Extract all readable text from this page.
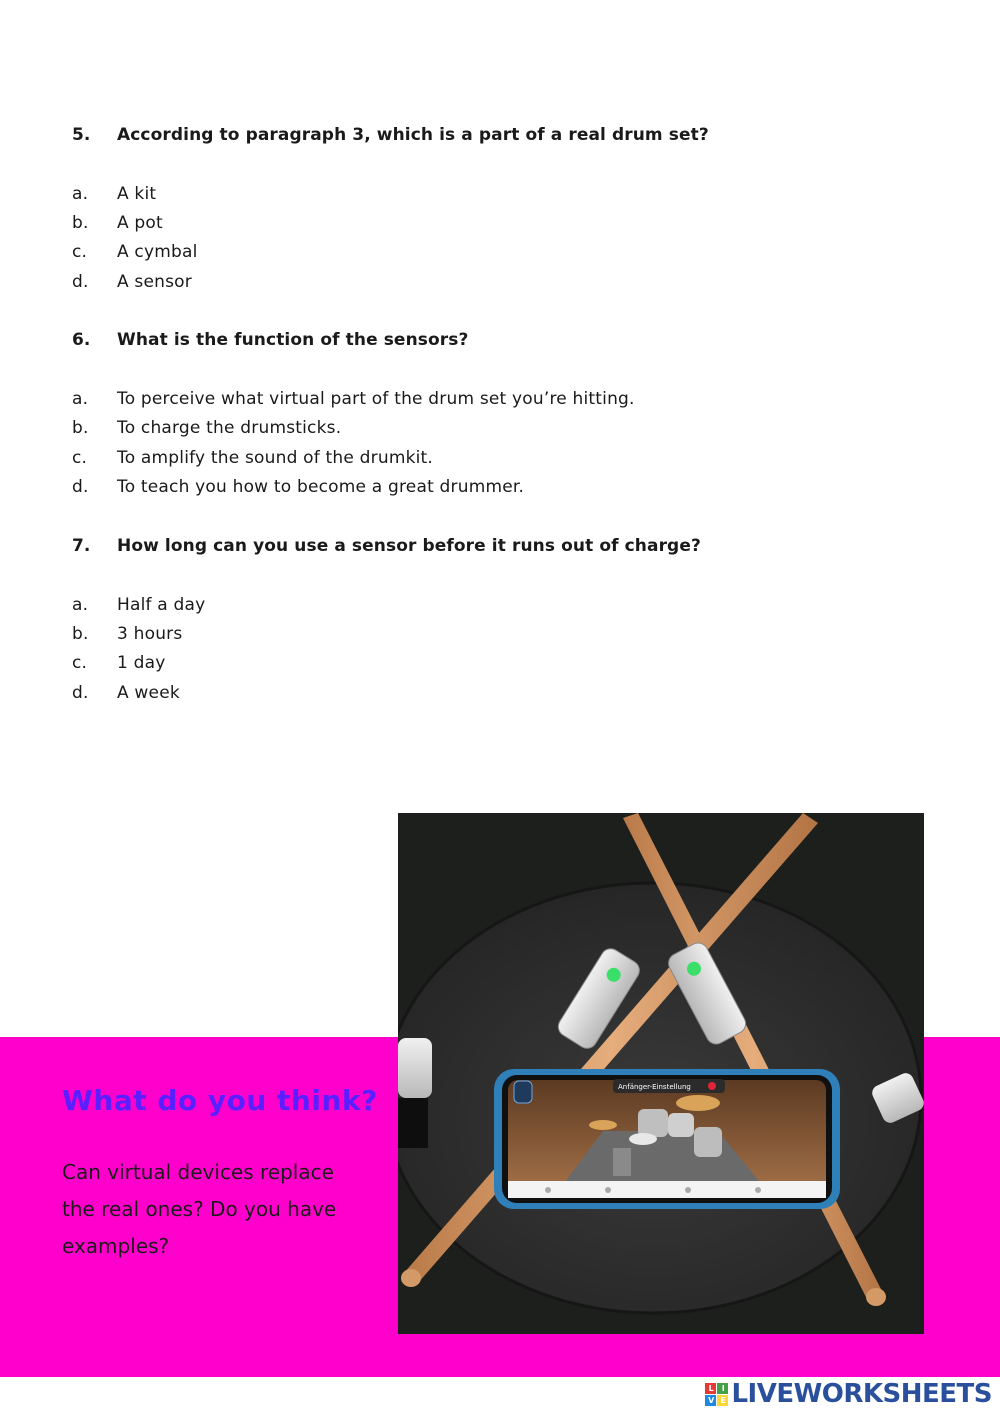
5. According to paragraph 3, which is a part of a real drum set?
a. A kit
b. A pot
c. A cymbal
d. A sensor
6. What is the function of the sensors?
a. To perceive what virtual part of the drum set you’re hitting.
b. To charge the drumsticks.
c. To amplify the sound of the drumkit.
d. To teach you how to become a great drummer.
7. How long can you use a sensor before it runs out of charge?
a. Half a day
b. 3 hours
c. 1 day
d. A week
What do you think?
Can virtual devices replace the real ones? Do you have examples?
Anfänger-Einstellung
L	I
V E LIVEWORKSHEETS
